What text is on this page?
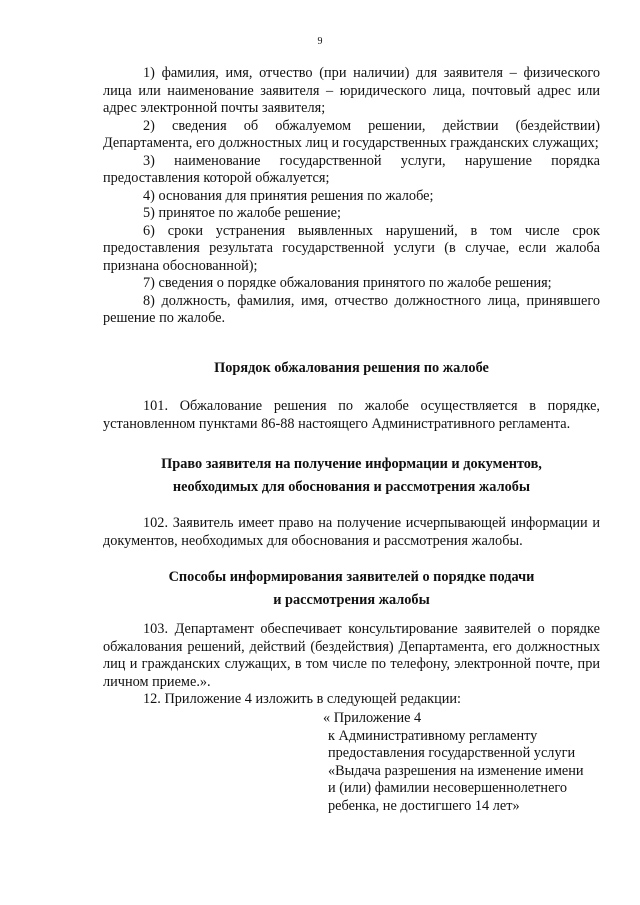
9

1) фамилия, имя, отчество (при наличии) для заявителя – физического лица или наименование заявителя – юридического лица, почтовый адрес или адрес электронной почты заявителя;

2) сведения об обжалуемом решении, действии (бездействии) Департамента, его должностных лиц и государственных гражданских служащих;

3) наименование государственной услуги, нарушение порядка предоставления которой обжалуется;

4) основания для принятия решения по жалобе;

5) принятое по жалобе решение;

6) сроки устранения выявленных нарушений, в том числе срок предоставления результата государственной услуги (в случае, если жалоба признана обоснованной);

7) сведения о порядке обжалования принятого по жалобе решения;

8) должность, фамилия, имя, отчество должностного лица, принявшего решение по жалобе.

Порядок обжалования решения по жалобе

101. Обжалование решения по жалобе осуществляется в порядке, установленном пунктами 86-88 настоящего Административного регламента.

Право заявителя на получение информации и документов,

необходимых для обоснования и рассмотрения жалобы

102. Заявитель имеет право на получение исчерпывающей информации и документов, необходимых для обоснования и рассмотрения жалобы.

Способы информирования заявителей о порядке подачи

и рассмотрения жалобы

103. Департамент обеспечивает консультирование заявителей о порядке обжалования решений, действий (бездействия) Департамента, его должностных лиц и гражданских служащих, в том числе по телефону, электронной почте, при личном приеме.».

12. Приложение 4 изложить в следующей редакции:

« Приложение 4

к Административному регламенту

предоставления государственной услуги

«Выдача разрешения на изменение имени

и (или) фамилии несовершеннолетнего

ребенка, не достигшего 14 лет»
